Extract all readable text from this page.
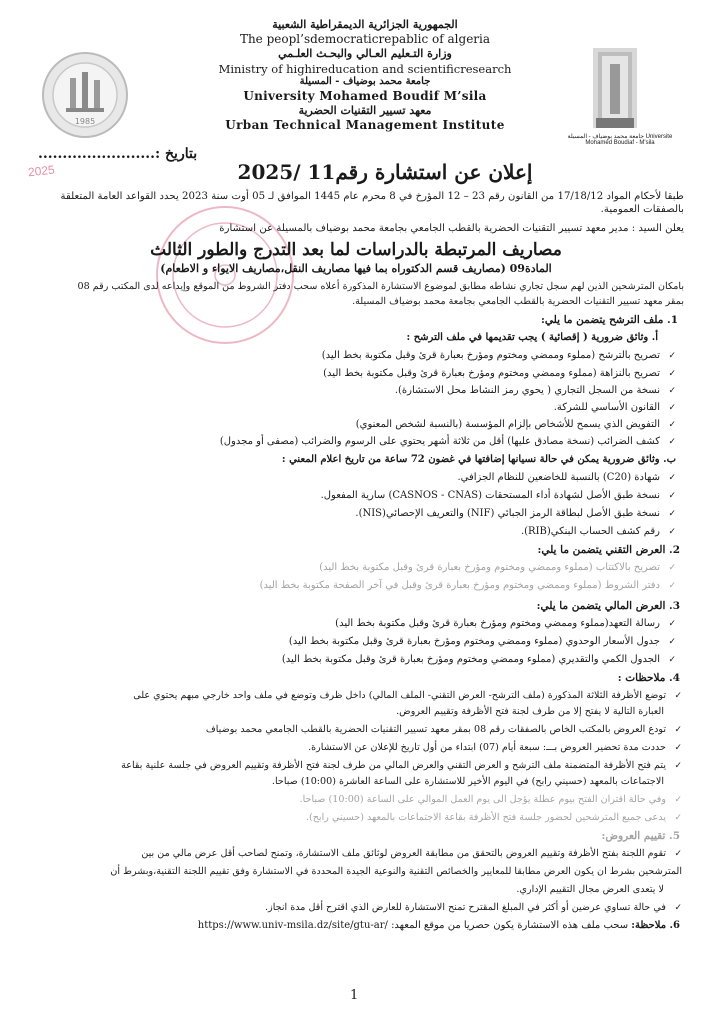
1985
جامعة محمد بوضياف - المسيلة Universite Mohamed Boudiaf - M'sila
الجمهورية الجزائرية الديمقراطية الشعبية
The peopl’sdemocraticrepablic of algeria
وزارة التـعليم العـالي والبحـث العلـمي
Ministry of highireducation and scientificresearch
جامعة محمد بوضياف - المسيلة
University Mohamed Boudif M’sila
معهد تسيير التقنيات الحضرية
Urban Technical Management Institute
بتاريخ :........................
2025	إعلان عن استشارة رقم11 /2025
طبقا لأحكام المواد 17/18/12 من القانون رقم 23 – 12 المؤرخ في 8 محرم عام 1445 الموافق لـ 05 أوت سنة 2023 يحدد القواعد العامة المتعلقة بالصفقات العمومية.
يعلن السيد : مدير معهد تسيير التقنيات الحضرية بالقطب الجامعي بجامعة محمد بوضياف بالمسيلة عن استشارة
مصاريف المرتبطة بالدراسات لما بعد التدرج والطور الثالث
المادة09 (مصاريف قسم الدكتوراه بما فيها مصاريف النقل،مصاريف الايواء و الاطعام)
بامكان المترشحين الذين لهم سجل تجاري نشاطه مطابق لموضوع الاستشارة المذكورة أعلاه سحب دفتر الشروط من الموقع وإيداعه لدى المكتب رقم 08
بمقر معهد تسيير التقنيات الحضرية بالقطب الجامعي بجامعة محمد بوضياف المسيلة.
1. ملف الترشح يتضمن ما يلي:
أ. وثائق ضرورية ( إقصائية ) يجب تقديمها في ملف الترشح :
✓تصريح بالترشح (مملوء وممضي ومختوم ومؤرخ بعبارة قرئ وقبل مكتوبة بخط اليد)
✓تصريح بالنزاهة (مملوء وممضي ومختوم ومؤرخ بعبارة قرئ وقبل مكتوبة بخط اليد)
✓نسخة من السجل التجاري ( يحوي رمز النشاط محل الاستشارة).
✓القانون الأساسي للشركة.
✓التفويض الذي يسمح للأشخاص بإلزام المؤسسة (بالنسبة لشخص المعنوي)
✓كشف الضرائب (نسخة مصادق عليها) أقل من ثلاثة أشهر يحتوي على الرسوم والضرائب (مصفى أو مجدول)
ب. وثائق ضرورية يمكن في حالة نسيانها إضافتها في غضون 72 ساعة من تاريخ اعلام المعني :
✓شهادة (C20) بالنسبة للخاضعين للنظام الجزافي.
✓نسخة طبق الأصل لشهادة أداء المستحقات (CASNOS - CNAS) سارية المفعول.
✓نسخة طبق الأصل لبطاقة الرمز الجبائي (NIF) والتعريف الإحصائي(NIS).
✓رقم كشف الحساب البنكي(RIB).
2. العرض التقني يتضمن ما يلي:
✓تصريح بالاكتتاب (مملوء وممضي ومختوم ومؤرخ بعبارة قرئ وقبل مكتوبة بخط اليد)
✓دفتر الشروط (مملوء وممضي ومختوم ومؤرخ بعبارة قرئ وقبل في آخر الصفحة مكتوبة بخط اليد)
3. العرض المالي يتضمن ما يلي:
✓رسالة التعهد(مملوء وممضي ومختوم ومؤرخ بعبارة قرئ وقبل مكتوبة بخط اليد)
✓جدول الأسعار الوحدوي (مملوء وممضي ومختوم ومؤرخ بعبارة قرئ وقبل مكتوبة بخط اليد)
✓الجدول الكمي والتقديري (مملوء وممضي ومختوم ومؤرخ بعبارة قرئ وقبل مكتوبة بخط اليد)
4. ملاحظات :
✓توضع الأظرفة الثلاثة المذكورة (ملف الترشح- العرض التقني- الملف المالي) داخل ظرف وتوضع في ملف واحد خارجي مبهم يحتوي على
العبارة التالية لا يفتح إلا من طرف لجنة فتح الأظرفة وتقييم العروض.
✓تودع العروض بالمكتب الخاص بالصفقات رقم 08 بمقر معهد تسيير التقنيات الحضرية بالقطب الجامعي محمد بوضياف
✓حددت مدة تحضير العروض بـــ: سبعة أيام (07) ابتداء من أول تاريخ للإعلان عن الاستشارة.
✓يتم فتح الأظرفة المتضمنة ملف الترشح و العرض التقني والعرض المالي من طرف لجنة فتح الأظرفة وتقييم العروض في جلسة علنية بقاعة
الاجتماعات بالمعهد (حسيني رابح) في اليوم الأخير للاستشارة على الساعة العاشرة (10:00) صباحا.
✓وفي حالة اقتران الفتح بيوم عطلة يؤجل الى يوم العمل الموالي على الساعة (10:00) صباحا.
✓يدعى جميع المترشحين لحضور جلسة فتح الأظرفة بقاعة الاجتماعات بالمعهد (حسيني رابح).
5. تقييم العروض:
✓تقوم اللجنة بفتح الأظرفة وتقييم العروض بالتحقق من مطابقة العروض لوثائق ملف الاستشارة، وتمنح لصاحب أقل عرض مالي من بين
المترشحين بشرط ان يكون العرض مطابقا للمعايير والخصائص التقنية والنوعية الجيدة المحددة في الاستشارة وفق تقييم اللجنة التقنية،وبشرط أن
لا يتعدى العرض مجال التقييم الإداري.
✓في حالة تساوي عرضين أو أكثر في المبلغ المقترح تمنح الاستشارة للعارض الذي اقترح أقل مدة انجاز.
6. ملاحظة: سحب ملف هذه الاستشارة يكون حصريا من موقع المعهد: https://www.univ-msila.dz/site/gtu-ar/
1
